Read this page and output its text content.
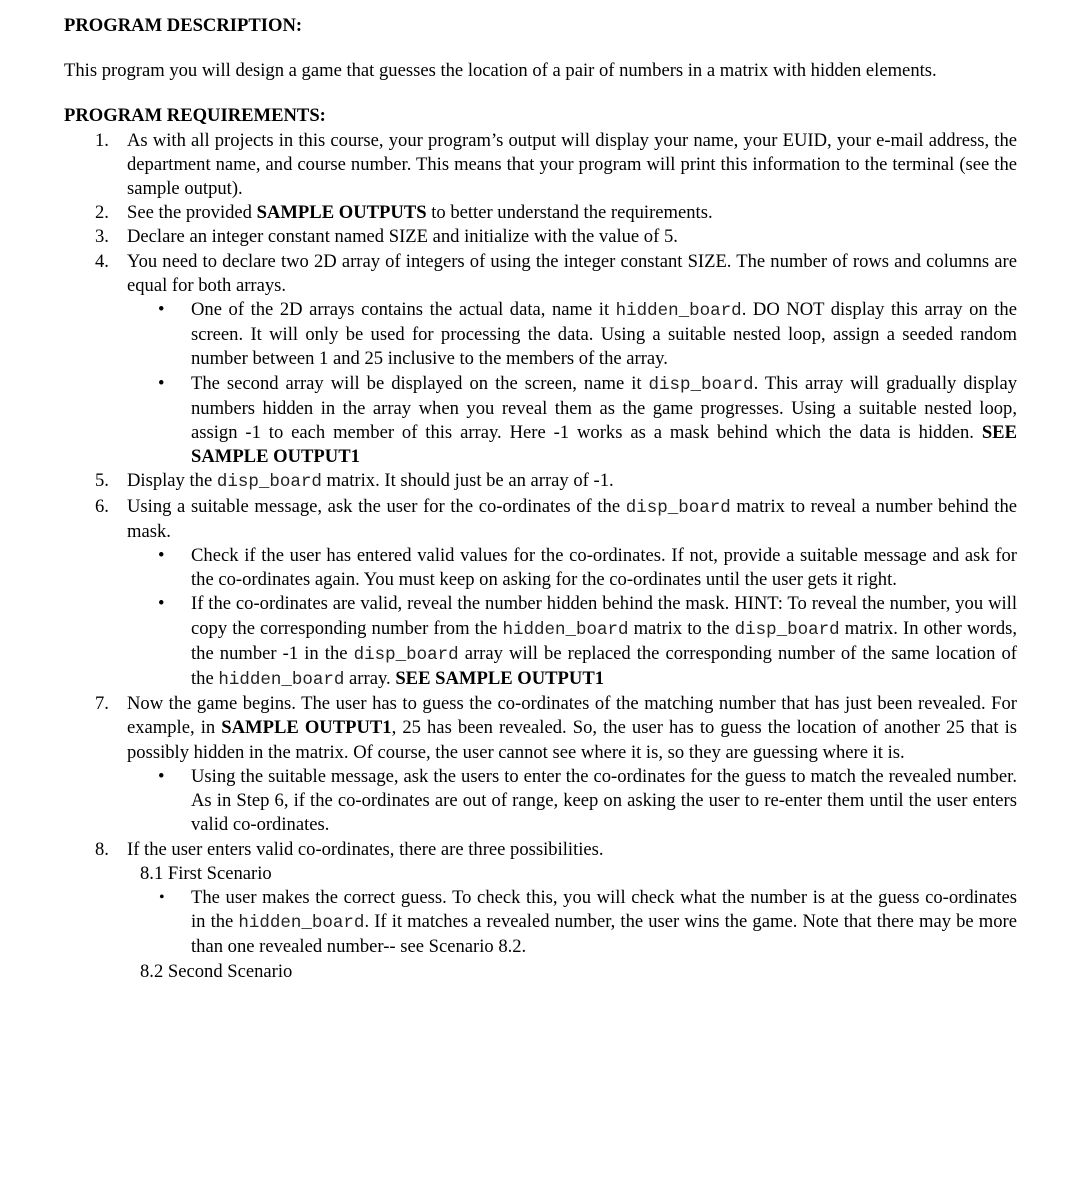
PROGRAM DESCRIPTION:

This program you will design a game that guesses the location of a pair of numbers in a matrix with hidden elements.

PROGRAM REQUIREMENTS:
1. As with all projects in this course, your program’s output will display your name, your EUID, your e-mail address, the department name, and course number. This means that your program will print this information to the terminal (see the sample output).
2. See the provided SAMPLE OUTPUTS to better understand the requirements.
3. Declare an integer constant named SIZE and initialize with the value of 5.
4. You need to declare two 2D array of integers of using the integer constant SIZE. The number of rows and columns are equal for both arrays.
• One of the 2D arrays contains the actual data, name it hidden_board. DO NOT display this array on the screen. It will only be used for processing the data. Using a suitable nested loop, assign a seeded random number between 1 and 25 inclusive to the members of the array.
• The second array will be displayed on the screen, name it disp_board. This array will gradually display numbers hidden in the array when you reveal them as the game progresses. Using a suitable nested loop, assign -1 to each member of this array. Here -1 works as a mask behind which the data is hidden. SEE SAMPLE OUTPUT1
5. Display the disp_board matrix. It should just be an array of -1.
6. Using a suitable message, ask the user for the co-ordinates of the disp_board matrix to reveal a number behind the mask.
• Check if the user has entered valid values for the co-ordinates. If not, provide a suitable message and ask for the co-ordinates again. You must keep on asking for the co-ordinates until the user gets it right.
• If the co-ordinates are valid, reveal the number hidden behind the mask. HINT: To reveal the number, you will copy the corresponding number from the hidden_board matrix to the disp_board matrix. In other words, the number -1 in the disp_board array will be replaced the corresponding number of the same location of the hidden_board array. SEE SAMPLE OUTPUT1
7. Now the game begins. The user has to guess the co-ordinates of the matching number that has just been revealed. For example, in SAMPLE OUTPUT1, 25 has been revealed. So, the user has to guess the location of another 25 that is possibly hidden in the matrix. Of course, the user cannot see where it is, so they are guessing where it is.
• Using the suitable message, ask the users to enter the co-ordinates for the guess to match the revealed number. As in Step 6, if the co-ordinates are out of range, keep on asking the user to re-enter them until the user enters valid co-ordinates.
8. If the user enters valid co-ordinates, there are three possibilities.
8.1 First Scenario
• The user makes the correct guess. To check this, you will check what the number is at the guess co-ordinates in the hidden_board. If it matches a revealed number, the user wins the game. Note that there may be more than one revealed number-- see Scenario 8.2.
8.2 Second Scenario
